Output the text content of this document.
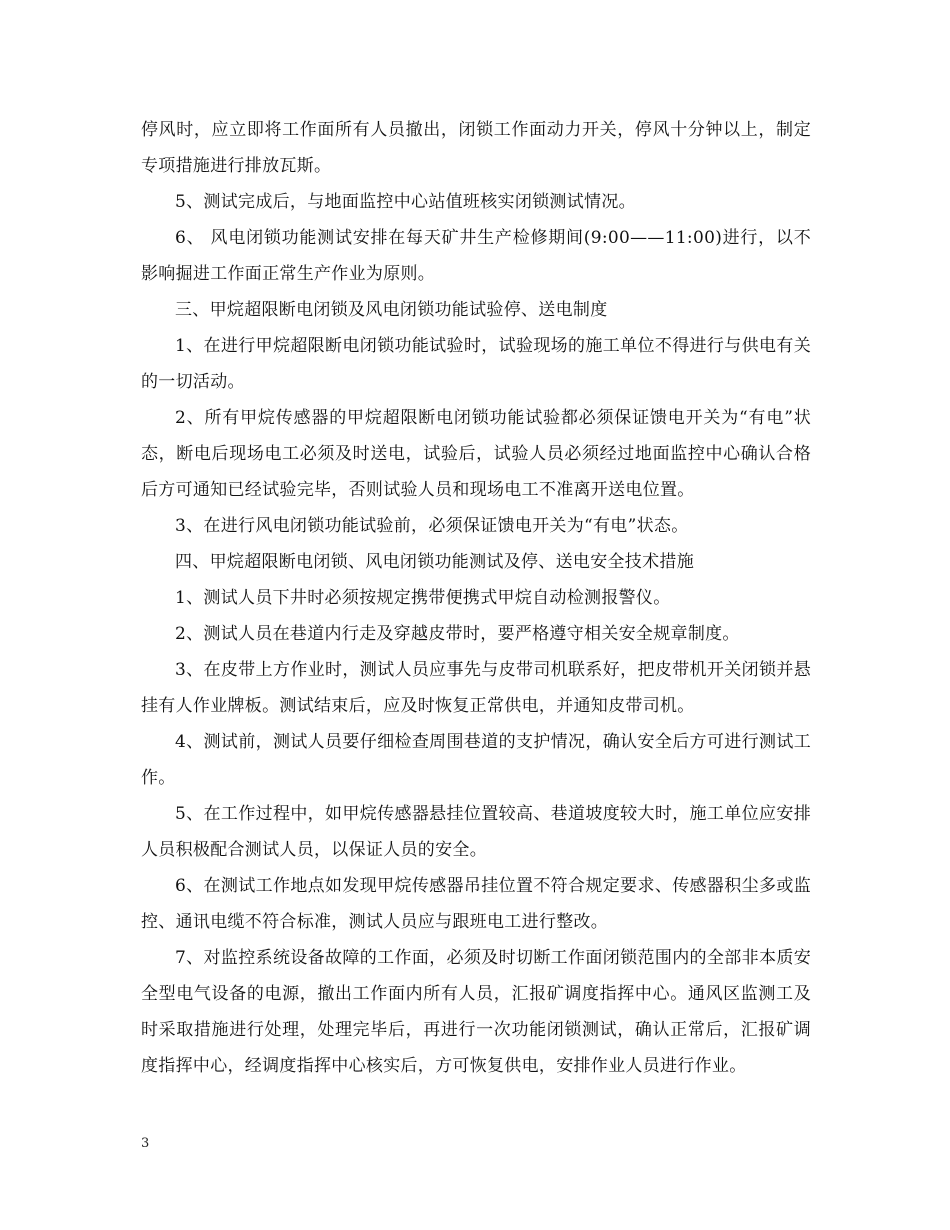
停风时，应立即将工作面所有人员撤出，闭锁工作面动力开关，停风十分钟以上，制定专项措施进行排放瓦斯。

5、测试完成后，与地面监控中心站值班核实闭锁测试情况。

6、 风电闭锁功能测试安排在每天矿井生产检修期间(9:00——11:00)进行，以不影响掘进工作面正常生产作业为原则。

三、甲烷超限断电闭锁及风电闭锁功能试验停、送电制度

1、在进行甲烷超限断电闭锁功能试验时，试验现场的施工单位不得进行与供电有关的一切活动。

2、所有甲烷传感器的甲烷超限断电闭锁功能试验都必须保证馈电开关为“有电”状态，断电后现场电工必须及时送电，试验后，试验人员必须经过地面监控中心确认合格后方可通知已经试验完毕，否则试验人员和现场电工不准离开送电位置。

3、在进行风电闭锁功能试验前，必须保证馈电开关为“有电”状态。

四、甲烷超限断电闭锁、风电闭锁功能测试及停、送电安全技术措施

1、测试人员下井时必须按规定携带便携式甲烷自动检测报警仪。

2、测试人员在巷道内行走及穿越皮带时，要严格遵守相关安全规章制度。

3、在皮带上方作业时，测试人员应事先与皮带司机联系好，把皮带机开关闭锁并悬挂有人作业牌板。测试结束后，应及时恢复正常供电，并通知皮带司机。

4、测试前，测试人员要仔细检查周围巷道的支护情况，确认安全后方可进行测试工作。

5、在工作过程中，如甲烷传感器悬挂位置较高、巷道坡度较大时，施工单位应安排人员积极配合测试人员，以保证人员的安全。

6、在测试工作地点如发现甲烷传感器吊挂位置不符合规定要求、传感器积尘多或监控、通讯电缆不符合标准，测试人员应与跟班电工进行整改。

7、对监控系统设备故障的工作面，必须及时切断工作面闭锁范围内的全部非本质安全型电气设备的电源，撤出工作面内所有人员，汇报矿调度指挥中心。通风区监测工及时采取措施进行处理，处理完毕后，再进行一次功能闭锁测试，确认正常后，汇报矿调度指挥中心，经调度指挥中心核实后，方可恢复供电，安排作业人员进行作业。

3
